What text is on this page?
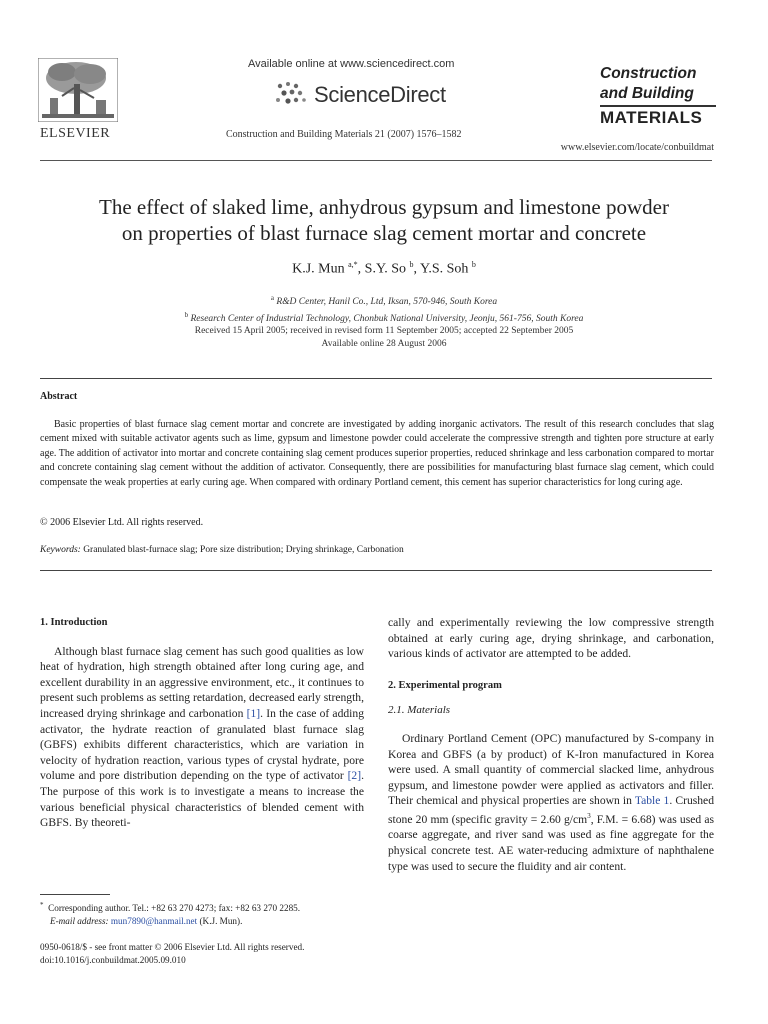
ELSEVIER
Available online at www.sciencedirect.com
ScienceDirect
Construction and Building Materials 21 (2007) 1576–1582
Construction
and Building
MATERIALS
www.elsevier.com/locate/conbuildmat
The effect of slaked lime, anhydrous gypsum and limestone powder
on properties of blast furnace slag cement mortar and concrete
K.J. Mun $^{a,*}$, S.Y. So $^b$, Y.S. Soh $^b$
$^a$ R&D Center, Hanil Co., Ltd, Iksan, 570-946, South Korea
$^b$ Research Center of Industrial Technology, Chonbuk National University, Jeonju, 561-756, South Korea
Received 15 April 2005; received in revised form 11 September 2005; accepted 22 September 2005
Available online 28 August 2006
Abstract

Basic properties of blast furnace slag cement mortar and concrete are investigated by adding inorganic activators. The result of this research concludes that slag cement mixed with suitable activator agents such as lime, gypsum and limestone powder could accelerate the compressive strength and tighten pore structure at early age. The addition of activator into mortar and concrete containing slag cement produces superior properties, reduced shrinkage and less carbonation compared to mortar and concrete containing slag cement without the addition of activator. Consequently, there are possibilities for manufacturing blast furnace slag cement, which could compensate the weak properties at early curing age. When compared with ordinary Portland cement, this cement has superior characteristics for long curing age.

© 2006 Elsevier Ltd. All rights reserved.
Keywords: Granulated blast-furnace slag; Pore size distribution; Drying shrinkage, Carbonation
1. Introduction

Although blast furnace slag cement has such good qualities as low heat of hydration, high strength obtained after long curing age, and excellent durability in an aggressive environment, etc., it continues to present such problems as setting retardation, decreased early strength, increased drying shrinkage and carbonation [1]. In the case of adding activator, the hydrate reaction of granulated blast furnace slag (GBFS) exhibits different characteristics, which are variation in velocity of hydration reaction, various types of crystal hydrate, pore volume and pore distribution depending on the type of activator [2]. The purpose of this work is to investigate a means to increase the various beneficial physical characteristics of blended cement with GBFS. By theoreti-

cally and experimentally reviewing the low compressive strength obtained at early curing age, drying shrinkage, and carbonation, various kinds of activator are attempted to be added.

2. Experimental program
2.1. Materials

Ordinary Portland Cement (OPC) manufactured by S-company in Korea and GBFS (a by product) of K-Iron manufactured in Korea were used. A small quantity of commercial slacked lime, anhydrous gypsum, and limestone powder were applied as activators and filler. Their chemical and physical properties are shown in Table 1. Crushed stone 20 mm (specific gravity = 2.60 $g/cm^3$, F.M. = 6.68) was used as coarse aggregate, and river sand was used as fine aggregate for the physical concrete test. AE water-reducing admixture of naphthalene type was used to secure the fluidity and air content.

* Corresponding author. Tel.: +82 63 270 4273; fax: +82 63 270 2285.
E-mail address: mun7890@hanmail.net (K.J. Mun).
0950-0618/$ - see front matter © 2006 Elsevier Ltd. All rights reserved.
doi:10.1016/j.conbuildmat.2005.09.010
